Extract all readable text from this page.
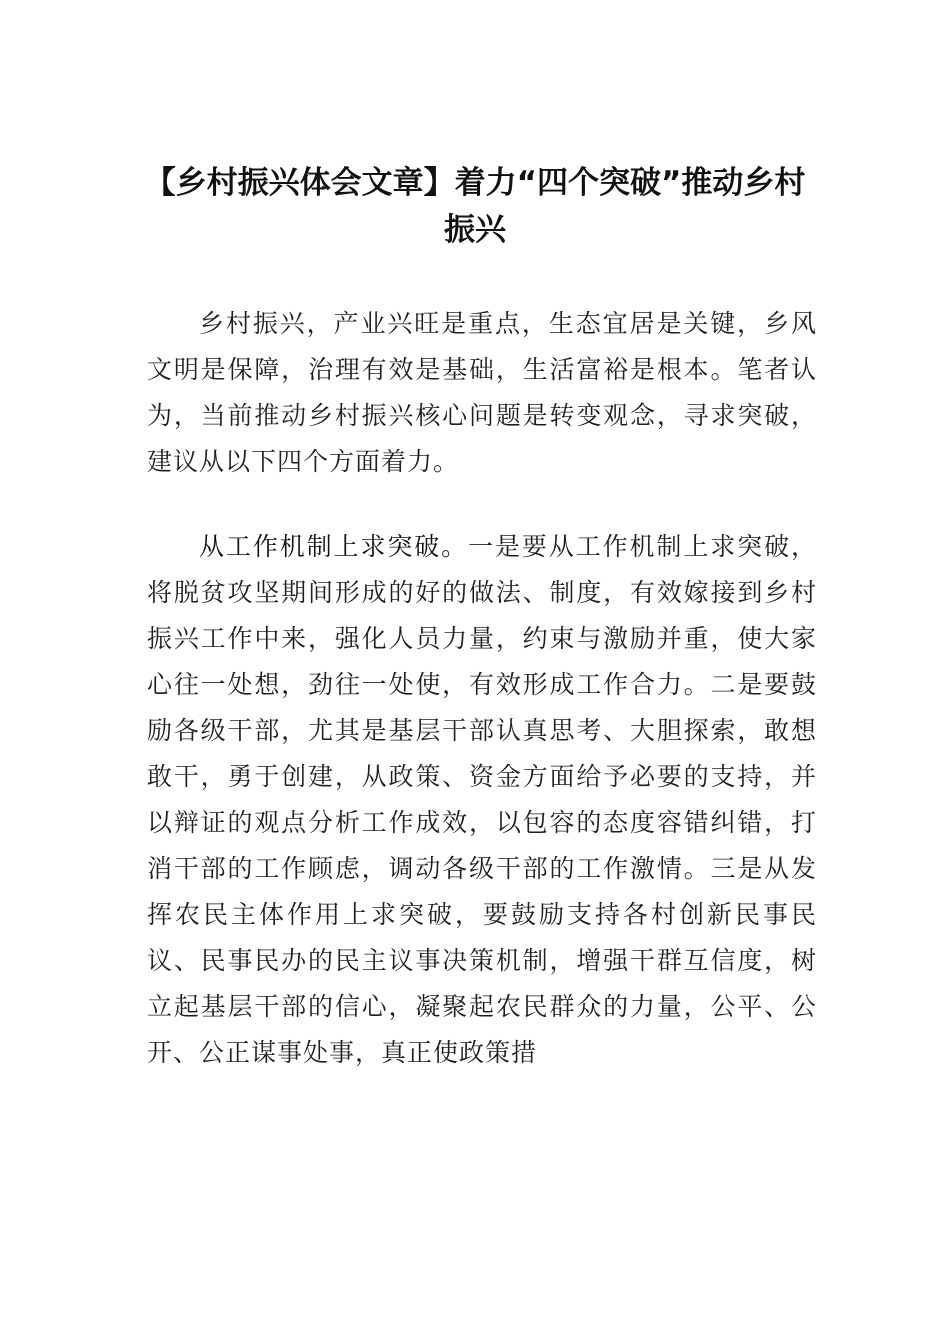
【乡村振兴体会文章】着力“四个突破”推动乡村振兴

乡村振兴，产业兴旺是重点，生态宜居是关键，乡风文明是保障，治理有效是基础，生活富裕是根本。笔者认为，当前推动乡村振兴核心问题是转变观念，寻求突破，建议从以下四个方面着力。

从工作机制上求突破。一是要从工作机制上求突破，将脱贫攻坚期间形成的好的做法、制度，有效嫁接到乡村振兴工作中来，强化人员力量，约束与激励并重，使大家心往一处想，劲往一处使，有效形成工作合力。二是要鼓励各级干部，尤其是基层干部认真思考、大胆探索，敢想敢干，勇于创建，从政策、资金方面给予必要的支持，并以辩证的观点分析工作成效，以包容的态度容错纠错，打消干部的工作顾虑，调动各级干部的工作激情。三是从发挥农民主体作用上求突破，要鼓励支持各村创新民事民议、民事民办的民主议事决策机制，增强干群互信度，树立起基层干部的信心，凝聚起农民群众的力量，公平、公开、公正谋事处事，真正使政策措
